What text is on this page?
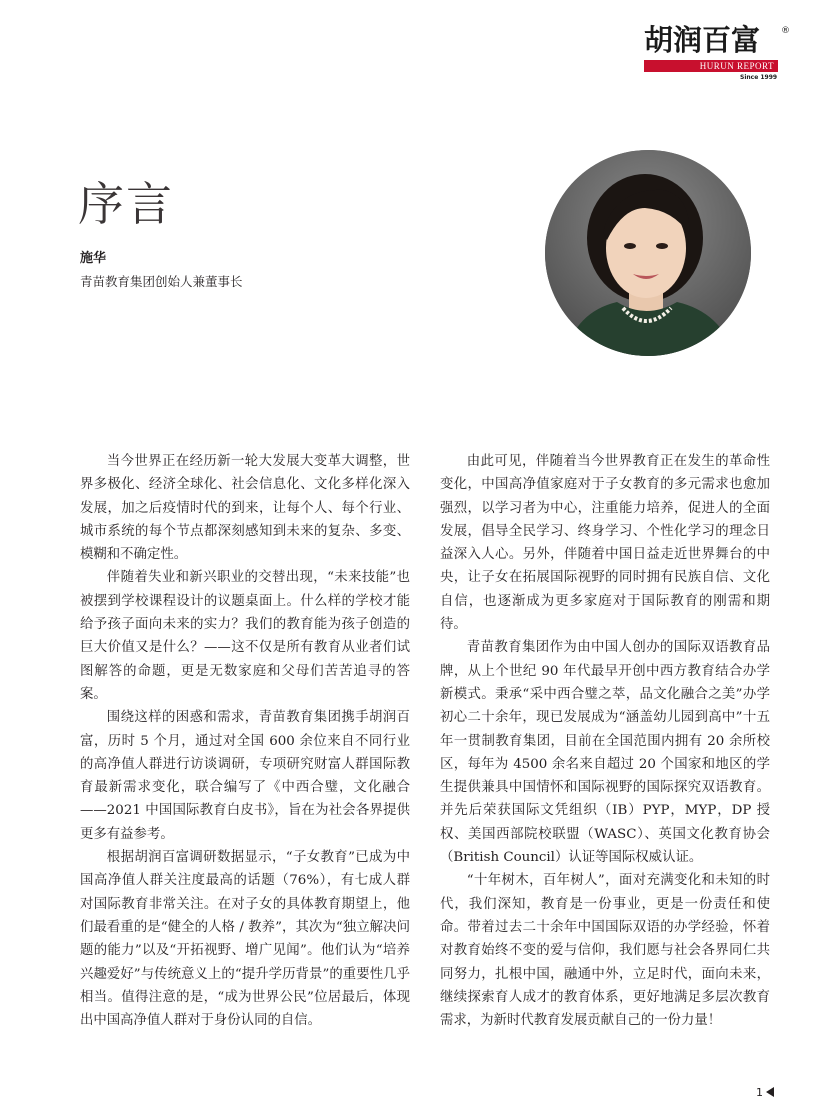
胡润百富	®
HURUN REPORT
Since 1999
序言
施华
青苗教育集团创始人兼董事长

当今世界正在经历新一轮大发展大变革大调整，世界多极化、经济全球化、社会信息化、文化多样化深入发展，加之后疫情时代的到来，让每个人、每个行业、城市系统的每个节点都深刻感知到未来的复杂、多变、模糊和不确定性。

伴随着失业和新兴职业的交替出现，“未来技能”也被摆到学校课程设计的议题桌面上。什么样的学校才能给予孩子面向未来的实力？我们的教育能为孩子创造的巨大价值又是什么？——这不仅是所有教育从业者们试图解答的命题，更是无数家庭和父母们苦苦追寻的答案。

围绕这样的困惑和需求，青苗教育集团携手胡润百富，历时 5 个月，通过对全国 600 余位来自不同行业的高净值人群进行访谈调研，专项研究财富人群国际教育最新需求变化，联合编写了《中西合璧，文化融合——2021 中国国际教育白皮书》，旨在为社会各界提供更多有益参考。

根据胡润百富调研数据显示，“子女教育”已成为中国高净值人群关注度最高的话题（76%），有七成人群对国际教育非常关注。在对子女的具体教育期望上，他们最看重的是“健全的人格 / 教养”，其次为“独立解决问题的能力”以及“开拓视野、增广见闻”。他们认为“培养兴趣爱好”与传统意义上的“提升学历背景”的重要性几乎相当。值得注意的是，“成为世界公民”位居最后，体现出中国高净值人群对于身份认同的自信。

由此可见，伴随着当今世界教育正在发生的革命性变化，中国高净值家庭对于子女教育的多元需求也愈加强烈，以学习者为中心，注重能力培养，促进人的全面发展，倡导全民学习、终身学习、个性化学习的理念日益深入人心。另外，伴随着中国日益走近世界舞台的中央，让子女在拓展国际视野的同时拥有民族自信、文化自信，也逐渐成为更多家庭对于国际教育的刚需和期待。

青苗教育集团作为由中国人创办的国际双语教育品牌，从上个世纪 90 年代最早开创中西方教育结合办学新模式。秉承“采中西合璧之萃，品文化融合之美”办学初心二十余年，现已发展成为“涵盖幼儿园到高中”十五年一贯制教育集团，目前在全国范围内拥有 20 余所校区，每年为 4500 余名来自超过 20 个国家和地区的学生提供兼具中国情怀和国际视野的国际探究双语教育。并先后荣获国际文凭组织（IB）PYP，MYP，DP 授权、美国西部院校联盟（WASC）、英国文化教育协会（British Council）认证等国际权威认证。

“十年树木，百年树人”，面对充满变化和未知的时代，我们深知，教育是一份事业，更是一份责任和使命。带着过去二十余年中国国际双语的办学经验，怀着对教育始终不变的爱与信仰，我们愿与社会各界同仁共同努力，扎根中国，融通中外，立足时代，面向未来，继续探索育人成才的教育体系，更好地满足多层次教育需求，为新时代教育发展贡献自己的一份力量！

1
